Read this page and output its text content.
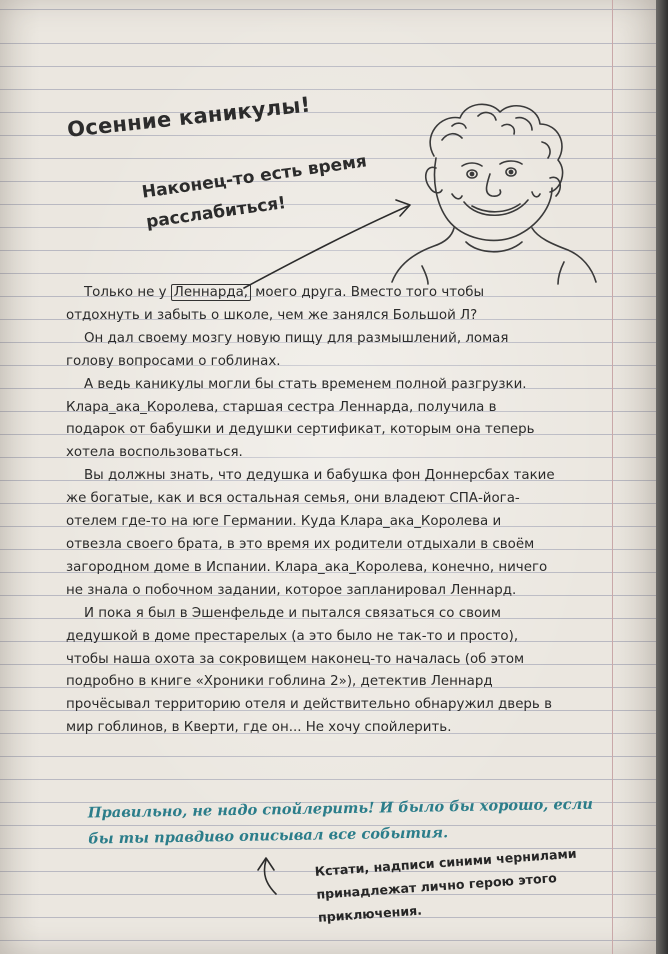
Осенние каникулы!
Наконец-то есть время расслабиться!

Только не у Леннарда, моего друга. Вместо того чтобы отдохнуть и забыть о школе, чем же занялся Большой Л?

Он дал своему мозгу новую пищу для размышлений, ломая голову вопросами о гоблинах.

А ведь каникулы могли бы стать временем полной разгрузки. Клара_ака_Королева, старшая сестра Леннарда, получила в подарок от бабушки и дедушки сертификат, которым она теперь хотела воспользоваться.

Вы должны знать, что дедушка и бабушка фон Доннерсбах такие же богатые, как и вся остальная семья, они владеют СПА-йога-отелем где-то на юге Германии. Куда Клара_ака_Королева и отвезла своего брата, в это время их родители отдыхали в своём загородном доме в Испании. Клара_ака_Королева, конечно, ничего не знала о побочном задании, которое запланировал Леннард.

И пока я был в Эшенфельде и пытался связаться со своим дедушкой в доме престарелых (а это было не так-то и просто), чтобы наша охота за сокровищем наконец-то началась (об этом подробно в книге «Хроники гоблина 2»), детектив Леннард прочёсывал территорию отеля и действительно обнаружил дверь в мир гоблинов, в Кверти, где он... Не хочу спойлерить.

Правильно, не надо спойлерить! И было бы хорошо, если бы ты правдиво описывал все события.
Кстати, надписи синими чернилами принадлежат лично герою этого приключения.
